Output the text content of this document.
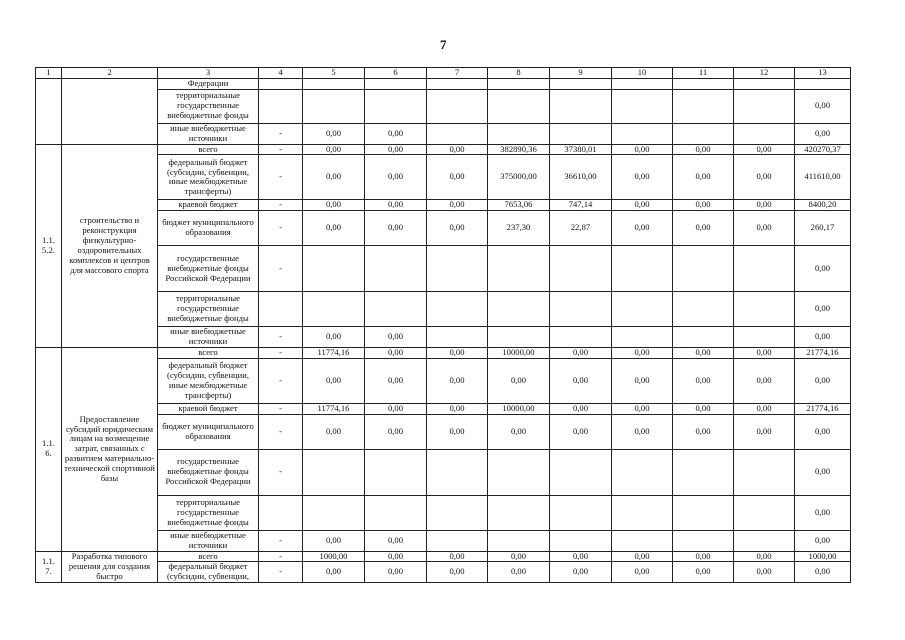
7
1	2	3	4	5	6	7	8	9	10	11	12	13
		Федерации										
		территориальные государственные внебюджетные фонды										0,00
		иные внебюджетные источники	-	0,00	0,00							0,00
1.1.
5.2.	строительство и реконструкция физкультурно-оздоровительных комплексов и центров для массового спорта	всего	-	0,00	0,00	0,00	382890,36	37380,01	0,00	0,00	0,00	420270,37
		федеральный бюджет (субсидии, субвенции, иные межбюджетные трансферты)	-	0,00	0,00	0,00	375000,00	36610,00	0,00	0,00	0,00	411610,00
		краевой бюджет	-	0,00	0,00	0,00	7653,06	747,14	0,00	0,00	0,00	8400,20
		бюджет муниципального образования	-	0,00	0,00	0,00	237,30	22,87	0,00	0,00	0,00	260,17
		государственные внебюджетные фонды Российской Федерации	-									0,00
		территориальные государственные внебюджетные фонды										0,00
		иные внебюджетные источники	-	0,00	0,00							0,00
1.1.
6.	Предоставление субсидий юридическим лицам на возмещение затрат, связанных с развитием материально-технической спортивной базы	всего	-	11774,16	0,00	0,00	10000,00	0,00	0,00	0,00	0,00	21774,16
		федеральный бюджет (субсидии, субвенции, иные межбюджетные трансферты)	-	0,00	0,00	0,00	0,00	0,00	0,00	0,00	0,00	0,00
		краевой бюджет	-	11774,16	0,00	0,00	10000,00	0,00	0,00	0,00	0,00	21774,16
		бюджет муниципального образования	-	0,00	0,00	0,00	0,00	0,00	0,00	0,00	0,00	0,00
		государственные внебюджетные фонды Российской Федерации	-									0,00
		территориальные государственные внебюджетные фонды										0,00
		иные внебюджетные источники	-	0,00	0,00							0,00
1.1.
7.	Разработка типового решения для создания быстро	всего	-	1000,00	0,00	0,00	0,00	0,00	0,00	0,00	0,00	1000,00
		федеральный бюджет (субсидии, субвенции,	-	0,00	0,00	0,00	0,00	0,00	0,00	0,00	0,00	0,00
